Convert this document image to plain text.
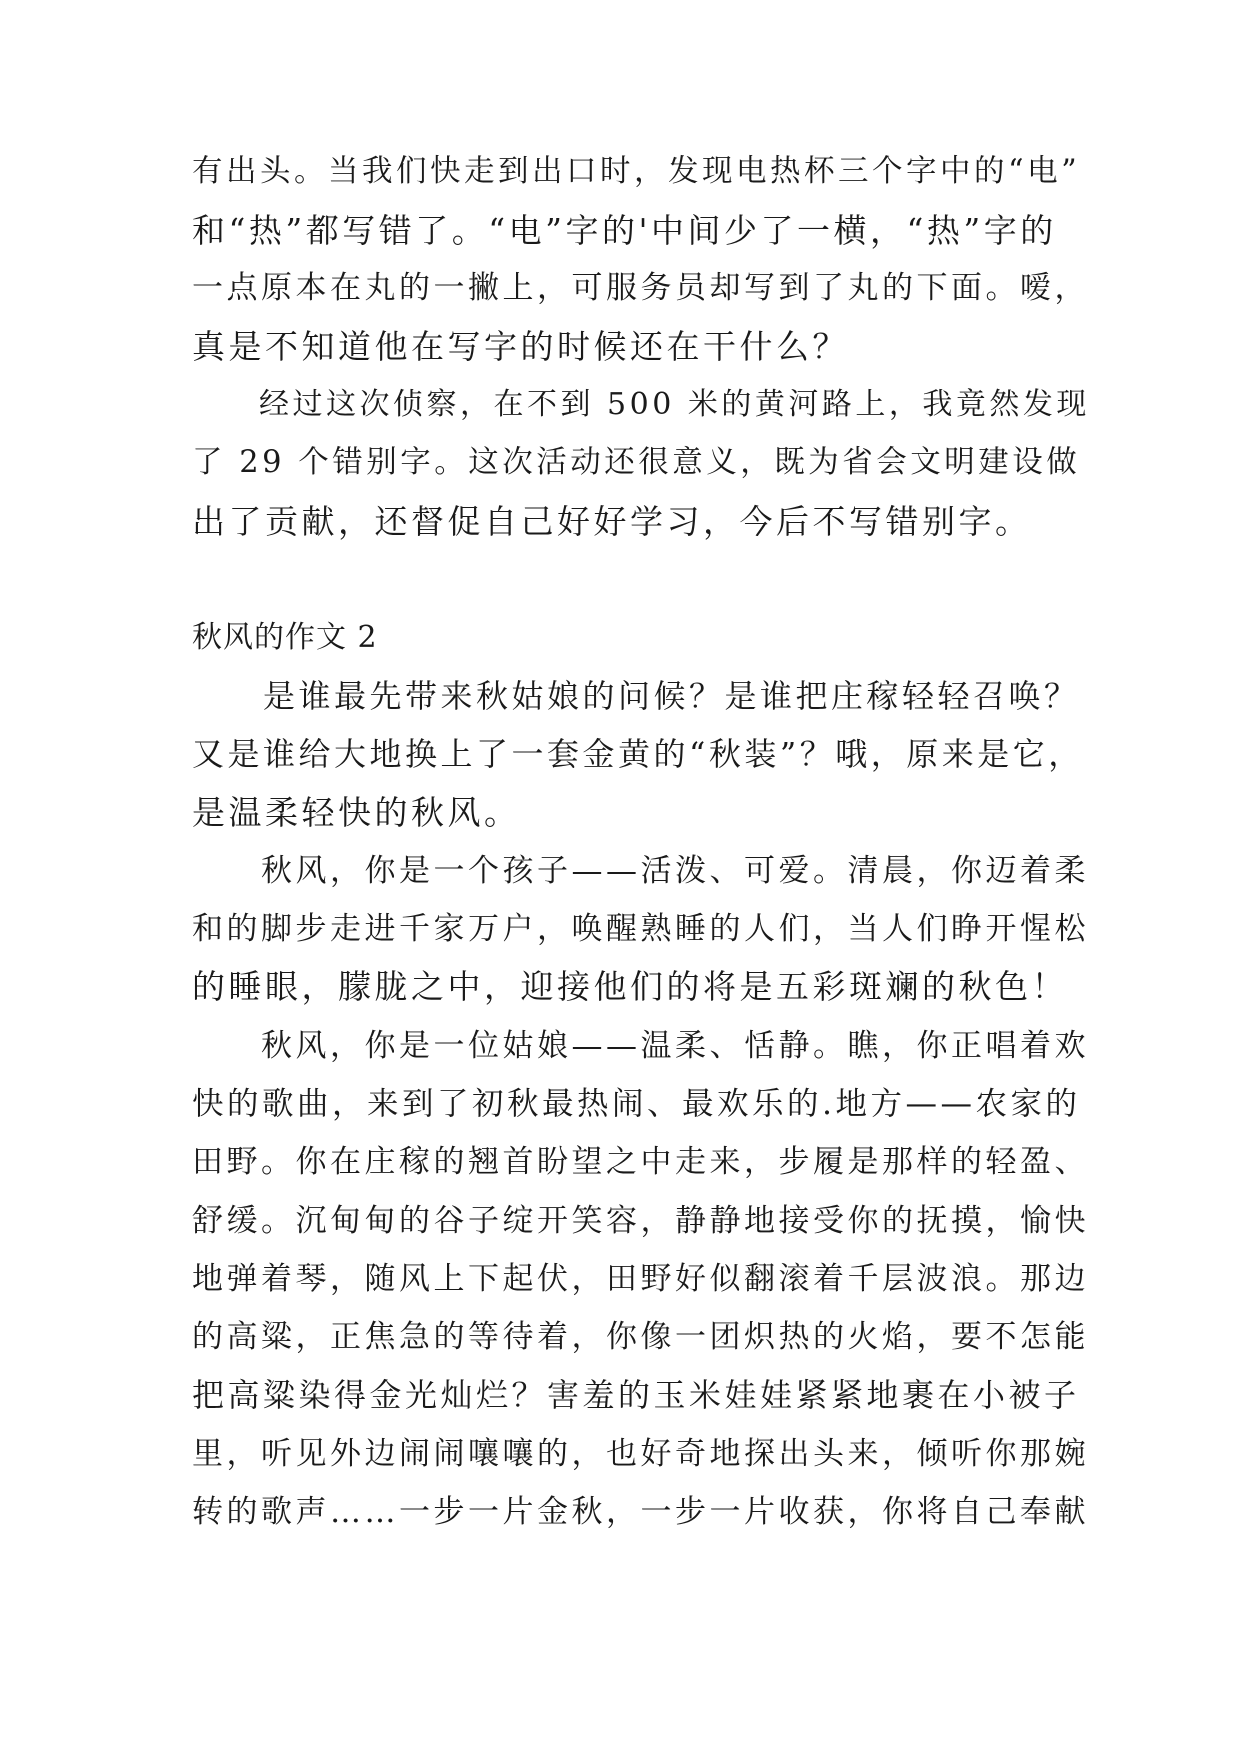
有出头。当我们快走到出口时，发现电热杯三个字中的“电”

和“热”都写错了。“电”字的'中间少了一横，“热”字的

一点原本在丸的一撇上，可服务员却写到了丸的下面。嗳，

真是不知道他在写字的时候还在干什么？

　　经过这次侦察，在不到 500 米的黄河路上，我竟然发现

了 29 个错别字。这次活动还很意义，既为省会文明建设做

出了贡献，还督促自己好好学习，今后不写错别字。

秋风的作文 2

　　是谁最先带来秋姑娘的问候？是谁把庄稼轻轻召唤？

又是谁给大地换上了一套金黄的“秋装”？哦，原来是它，

是温柔轻快的秋风。

　　秋风，你是一个孩子——活泼、可爱。清晨，你迈着柔

和的脚步走进千家万户，唤醒熟睡的人们，当人们睁开惺松

的睡眼，朦胧之中，迎接他们的将是五彩斑斓的秋色！

　　秋风，你是一位姑娘——温柔、恬静。瞧，你正唱着欢

快的歌曲，来到了初秋最热闹、最欢乐的.地方——农家的

田野。你在庄稼的翘首盼望之中走来，步履是那样的轻盈、

舒缓。沉甸甸的谷子绽开笑容，静静地接受你的抚摸，愉快

地弹着琴，随风上下起伏，田野好似翻滚着千层波浪。那边

的高粱，正焦急的等待着，你像一团炽热的火焰，要不怎能

把高粱染得金光灿烂？害羞的玉米娃娃紧紧地裹在小被子

里，听见外边闹闹嚷嚷的，也好奇地探出头来，倾听你那婉

转的歌声……一步一片金秋，一步一片收获，你将自己奉献
